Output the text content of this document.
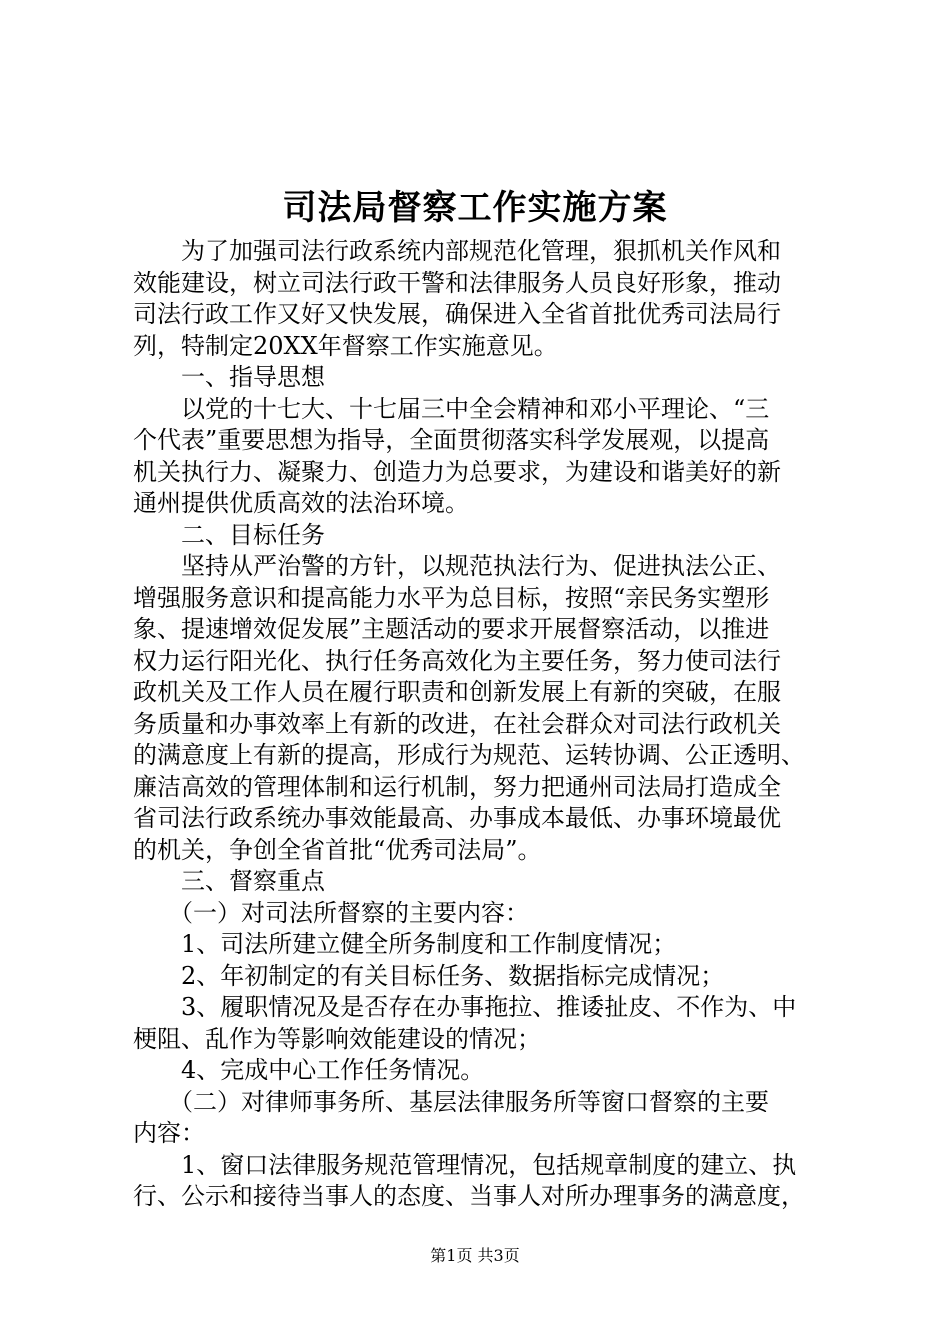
司法局督察工作实施方案
　　为了加强司法行政系统内部规范化管理，狠抓机关作风和
效能建设，树立司法行政干警和法律服务人员良好形象，推动
司法行政工作又好又快发展，确保进入全省首批优秀司法局行
列，特制定20XX年督察工作实施意见。
　　一、指导思想
　　以党的十七大、十七届三中全会精神和邓小平理论、“三
个代表”重要思想为指导，全面贯彻落实科学发展观，以提高
机关执行力、凝聚力、创造力为总要求，为建设和谐美好的新
通州提供优质高效的法治环境。
　　二、目标任务
　　坚持从严治警的方针，以规范执法行为、促进执法公正、
增强服务意识和提高能力水平为总目标，按照“亲民务实塑形
象、提速增效促发展”主题活动的要求开展督察活动，以推进
权力运行阳光化、执行任务高效化为主要任务，努力使司法行
政机关及工作人员在履行职责和创新发展上有新的突破，在服
务质量和办事效率上有新的改进，在社会群众对司法行政机关
的满意度上有新的提高，形成行为规范、运转协调、公正透明、
廉洁高效的管理体制和运行机制，努力把通州司法局打造成全
省司法行政系统办事效能最高、办事成本最低、办事环境最优
的机关，争创全省首批“优秀司法局”。
　　三、督察重点
　　（一）对司法所督察的主要内容：
　　1、司法所建立健全所务制度和工作制度情况；
　　2、年初制定的有关目标任务、数据指标完成情况；
　　3、履职情况及是否存在办事拖拉、推诿扯皮、不作为、中
梗阻、乱作为等影响效能建设的情况；
　　4、完成中心工作任务情况。
　　（二）对律师事务所、基层法律服务所等窗口督察的主要
内容：
　　1、窗口法律服务规范管理情况，包括规章制度的建立、执
行、公示和接待当事人的态度、当事人对所办理事务的满意度，
第1页 共3页
